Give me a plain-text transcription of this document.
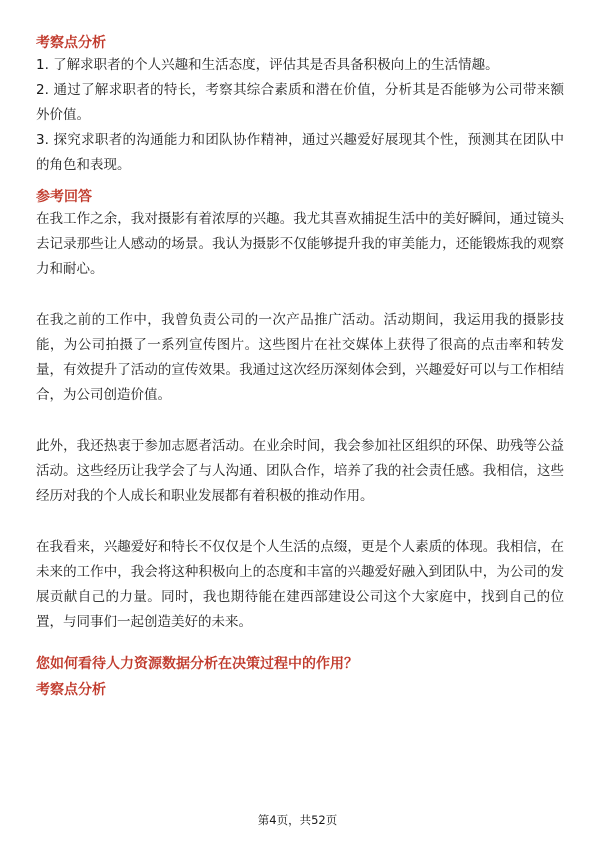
考察点分析

1. 了解求职者的个人兴趣和生活态度，评估其是否具备积极向上的生活情趣。

2. 通过了解求职者的特长，考察其综合素质和潜在价值，分析其是否能够为公司带来额外价值。

3. 探究求职者的沟通能力和团队协作精神，通过兴趣爱好展现其个性，预测其在团队中的角色和表现。

参考回答

在我工作之余，我对摄影有着浓厚的兴趣。我尤其喜欢捕捉生活中的美好瞬间，通过镜头去记录那些让人感动的场景。我认为摄影不仅能够提升我的审美能力，还能锻炼我的观察力和耐心。

在我之前的工作中，我曾负责公司的一次产品推广活动。活动期间，我运用我的摄影技能，为公司拍摄了一系列宣传图片。这些图片在社交媒体上获得了很高的点击率和转发量，有效提升了活动的宣传效果。我通过这次经历深刻体会到，兴趣爱好可以与工作相结合，为公司创造价值。

此外，我还热衷于参加志愿者活动。在业余时间，我会参加社区组织的环保、助残等公益活动。这些经历让我学会了与人沟通、团队合作，培养了我的社会责任感。我相信，这些经历对我的个人成长和职业发展都有着积极的推动作用。

在我看来，兴趣爱好和特长不仅仅是个人生活的点缀，更是个人素质的体现。我相信，在未来的工作中，我会将这种积极向上的态度和丰富的兴趣爱好融入到团队中，为公司的发展贡献自己的力量。同时，我也期待能在建西部建设公司这个大家庭中，找到自己的位置，与同事们一起创造美好的未来。

您如何看待人力资源数据分析在决策过程中的作用？

考察点分析

第4页，共52页
